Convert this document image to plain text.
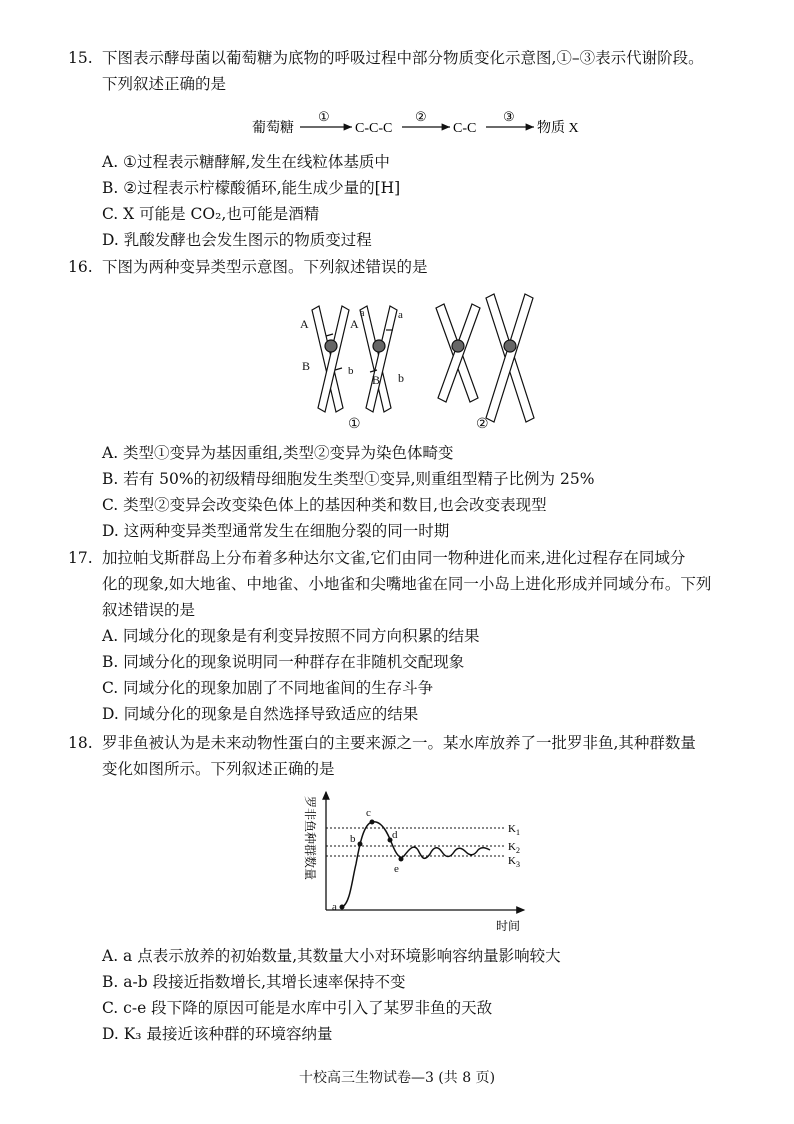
15. 下图表示酵母菌以葡萄糖为底物的呼吸过程中部分物质变化示意图,①–③表示代谢阶段。
下列叙述正确的是
葡萄糖
①
C-C-C
②
C-C
③
物质 X
A. ①过程表示糖酵解,发生在线粒体基质中
B. ②过程表示柠檬酸循环,能生成少量的[H]
C. X 可能是 CO₂,也可能是酒精
D. 乳酸发酵也会发生图示的物质变过程
16. 下图为两种变异类型示意图。下列叙述错误的是
A	A
a	a
B
B
b	b
①	②
A. 类型①变异为基因重组,类型②变异为染色体畸变
B. 若有 50%的初级精母细胞发生类型①变异,则重组型精子比例为 25%
C. 类型②变异会改变染色体上的基因种类和数目,也会改变表现型
D. 这两种变异类型通常发生在细胞分裂的同一时期
17. 加拉帕戈斯群岛上分布着多种达尔文雀,它们由同一物种进化而来,进化过程存在同域分
化的现象,如大地雀、中地雀、小地雀和尖嘴地雀在同一小岛上进化形成并同域分布。下列
叙述错误的是
A. 同域分化的现象是有利变异按照不同方向积累的结果
B. 同域分化的现象说明同一种群存在非随机交配现象
C. 同域分化的现象加剧了不同地雀间的生存斗争
D. 同域分化的现象是自然选择导致适应的结果
18. 罗非鱼被认为是未来动物性蛋白的主要来源之一。某水库放养了一批罗非鱼,其种群数量
变化如图所示。下列叙述正确的是
罗非鱼种群数量
时间
$K_1$
$K_2$
$K_3$
a
b
c
d
e
A. a 点表示放养的初始数量,其数量大小对环境影响容纳量影响较大
B. a-b 段接近指数增长,其增长速率保持不变
C. c-e 段下降的原因可能是水库中引入了某罗非鱼的天敌
D. K₃ 最接近该种群的环境容纳量
十校高三生物试卷—3 (共 8 页)
